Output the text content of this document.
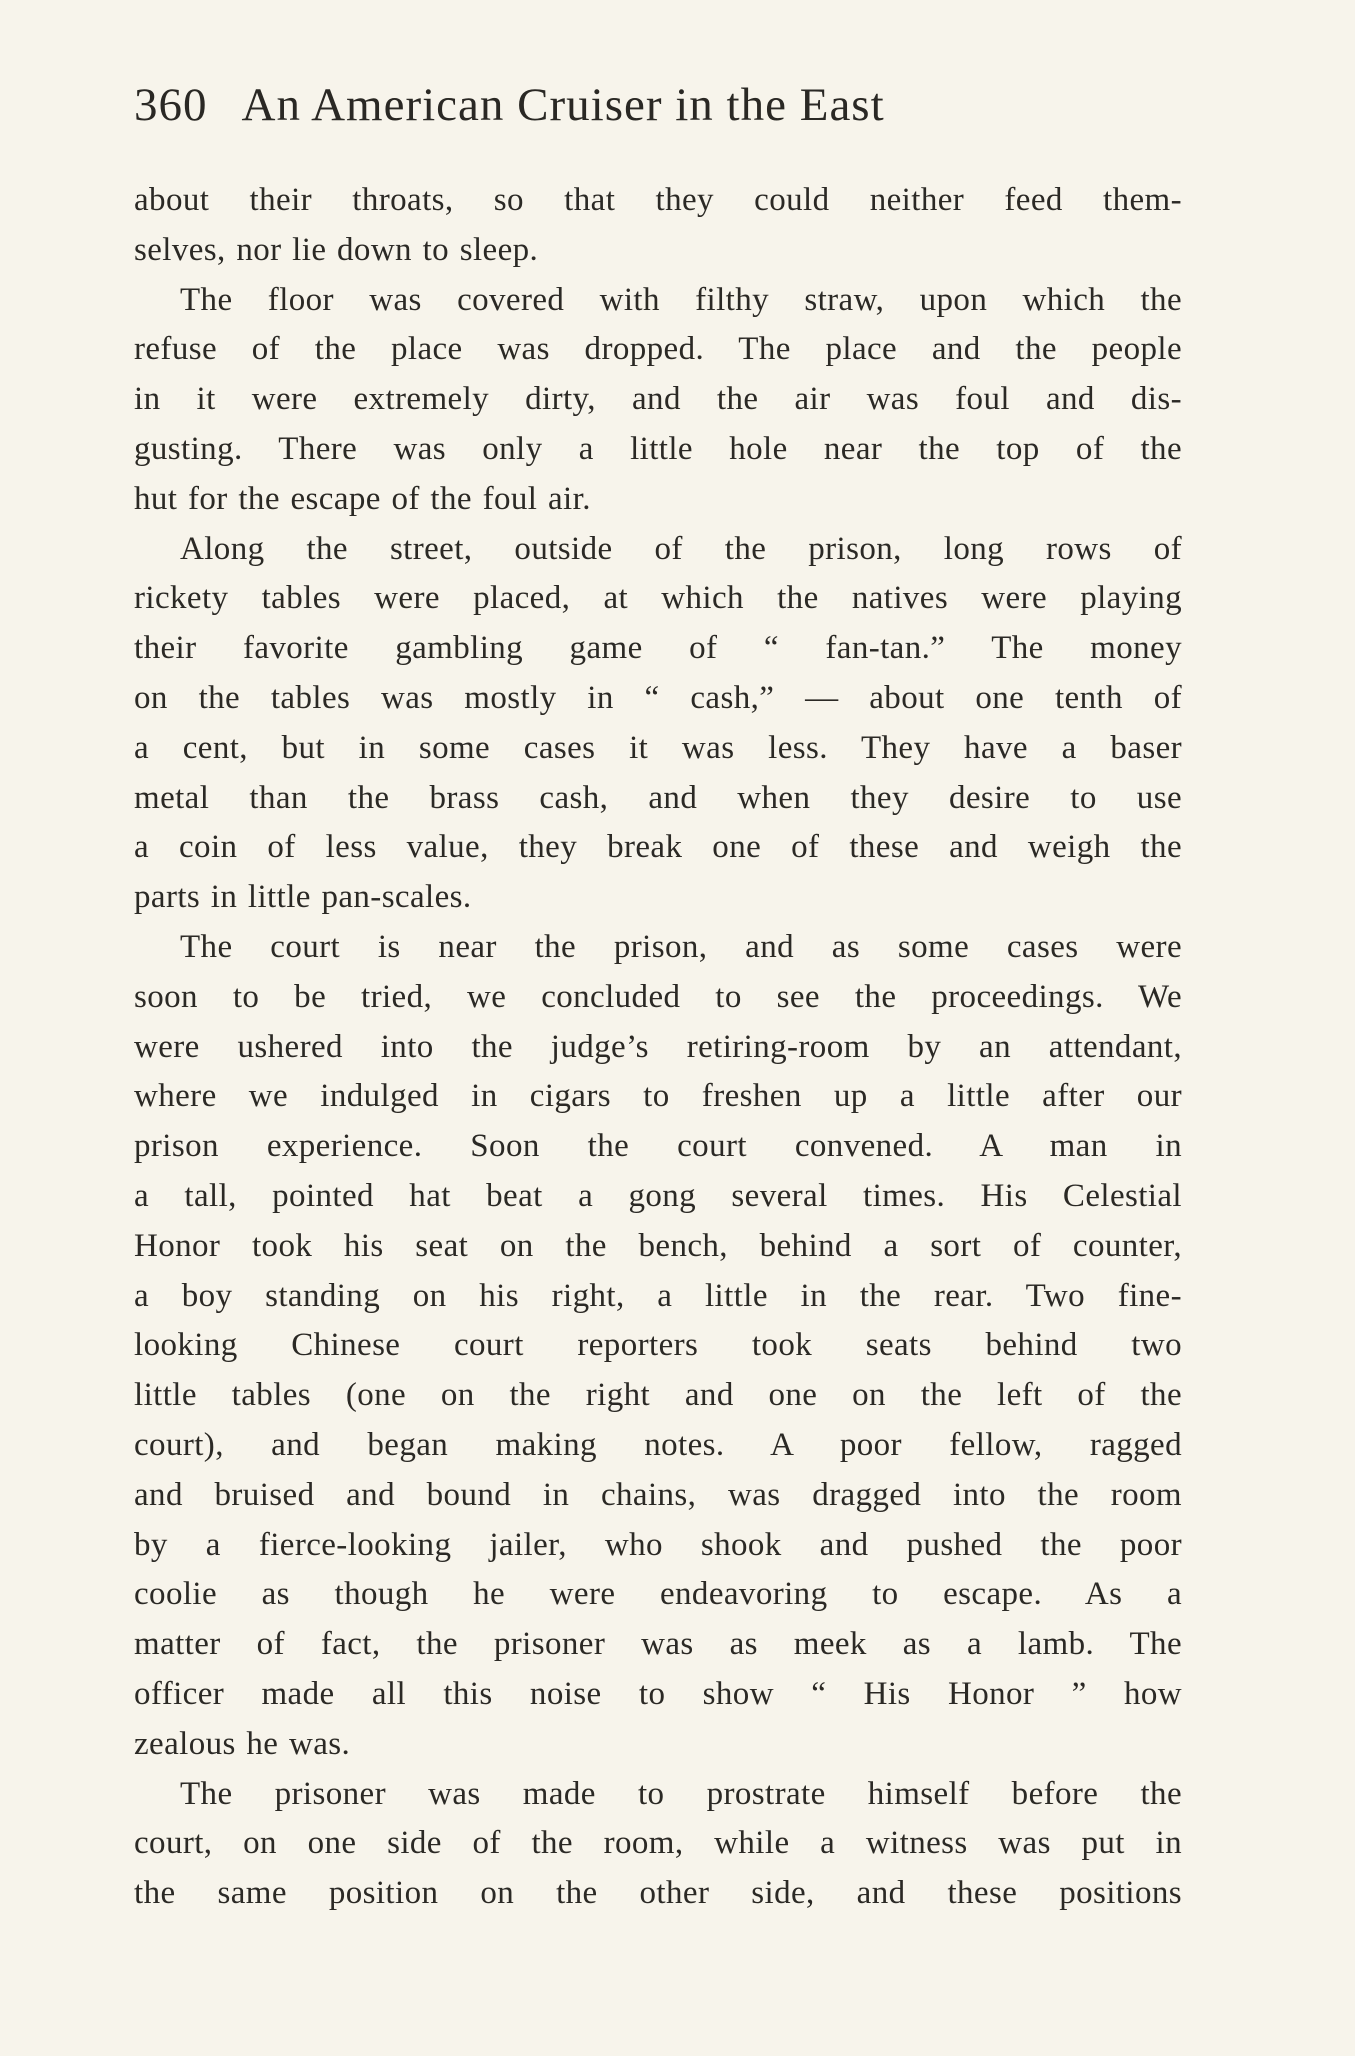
360 An American Cruiser in the East
about their throats, so that they could neither feed them-
selves, nor lie down to sleep.
The floor was covered with filthy straw, upon which the
refuse of the place was dropped. The place and the people
in it were extremely dirty, and the air was foul and dis-
gusting. There was only a little hole near the top of the
hut for the escape of the foul air.
Along the street, outside of the prison, long rows of
rickety tables were placed, at which the natives were playing
their favorite gambling game of “ fan-tan.” The money
on the tables was mostly in “ cash,” — about one tenth of
a cent, but in some cases it was less. They have a baser
metal than the brass cash, and when they desire to use
a coin of less value, they break one of these and weigh the
parts in little pan-scales.
The court is near the prison, and as some cases were
soon to be tried, we concluded to see the proceedings. We
were ushered into the judge’s retiring-room by an attendant,
where we indulged in cigars to freshen up a little after our
prison experience. Soon the court convened. A man in
a tall, pointed hat beat a gong several times. His Celestial
Honor took his seat on the bench, behind a sort of counter,
a boy standing on his right, a little in the rear. Two fine-
looking Chinese court reporters took seats behind two
little tables (one on the right and one on the left of the
court), and began making notes. A poor fellow, ragged
and bruised and bound in chains, was dragged into the room
by a fierce-looking jailer, who shook and pushed the poor
coolie as though he were endeavoring to escape. As a
matter of fact, the prisoner was as meek as a lamb. The
officer made all this noise to show “ His Honor ” how
zealous he was.
The prisoner was made to prostrate himself before the
court, on one side of the room, while a witness was put in
the same position on the other side, and these positions
